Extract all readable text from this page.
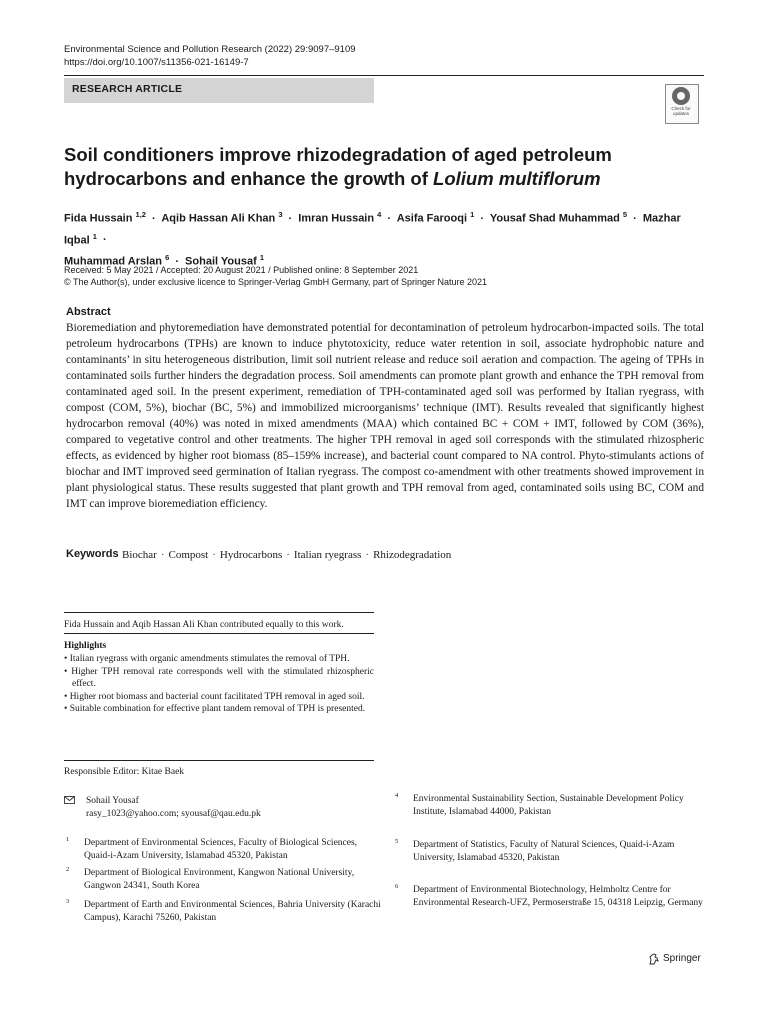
Environmental Science and Pollution Research (2022) 29:9097–9109
https://doi.org/10.1007/s11356-021-16149-7
RESEARCH ARTICLE
Check for updates
Soil conditioners improve rhizodegradation of aged petroleum hydrocarbons and enhance the growth of Lolium multiflorum
Fida Hussain $^{1,2}$ · Aqib Hassan Ali Khan $^3$ · Imran Hussain $^4$ · Asifa Farooqi $^1$ · Yousaf Shad Muhammad $^5$ · Mazhar Iqbal $^1$ ·
Muhammad Arslan $^6$ · Sohail Yousaf $^1$
Received: 5 May 2021 / Accepted: 20 August 2021 / Published online: 8 September 2021
© The Author(s), under exclusive licence to Springer-Verlag GmbH Germany, part of Springer Nature 2021
Abstract
Bioremediation and phytoremediation have demonstrated potential for decontamination of petroleum hydrocarbon-impacted soils. The total petroleum hydrocarbons (TPHs) are known to induce phytotoxicity, reduce water retention in soil, associate hydrophobic nature and contaminants’ in situ heterogeneous distribution, limit soil nutrient release and reduce soil aeration and compaction. The ageing of TPHs in contaminated soils further hinders the degradation process. Soil amendments can promote plant growth and enhance the TPH removal from contaminated aged soil. In the present experiment, remediation of TPH-contaminated aged soil was performed by Italian ryegrass, with compost (COM, 5%), biochar (BC, 5%) and immobilized microorganisms’ technique (IMT). Results revealed that significantly highest hydrocarbon removal (40%) was noted in mixed amendments (MAA) which contained BC + COM + IMT, followed by COM (36%), compared to vegetative control and other treatments. The higher TPH removal in aged soil corresponds with the stimulated rhizospheric effects, as evidenced by higher root biomass (85–159% increase), and bacterial count compared to NA control. Phyto-stimulants actions of biochar and IMT improved seed germination of Italian ryegrass. The compost co-amendment with other treatments showed improvement in plant physiological status. These results suggested that plant growth and TPH removal from aged, contaminated soils using BC, COM and IMT can improve bioremediation efficiency.
Keywords Biochar · Compost · Hydrocarbons · Italian ryegrass · Rhizodegradation
Fida Hussain and Aqib Hassan Ali Khan contributed equally to this work.
Highlights
• Italian ryegrass with organic amendments stimulates the removal of TPH.
• Higher TPH removal rate corresponds well with the stimulated rhizospheric effect.
• Higher root biomass and bacterial count facilitated TPH removal in aged soil.
• Suitable combination for effective plant tandem removal of TPH is presented.
Responsible Editor: Kitae Baek
Sohail Yousaf
rasy_1023@yahoo.com; syousaf@qau.edu.pk
1 Department of Environmental Sciences, Faculty of Biological Sciences, Quaid-i-Azam University, Islamabad 45320, Pakistan
2 Department of Biological Environment, Kangwon National University, Gangwon 24341, South Korea
3 Department of Earth and Environmental Sciences, Bahria University (Karachi Campus), Karachi 75260, Pakistan
4 Environmental Sustainability Section, Sustainable Development Policy Institute, Islamabad 44000, Pakistan
5 Department of Statistics, Faculty of Natural Sciences, Quaid-i-Azam University, Islamabad 45320, Pakistan
6 Department of Environmental Biotechnology, Helmholtz Centre for Environmental Research-UFZ, Permoserstraße 15, 04318 Leipzig, Germany
Springer
